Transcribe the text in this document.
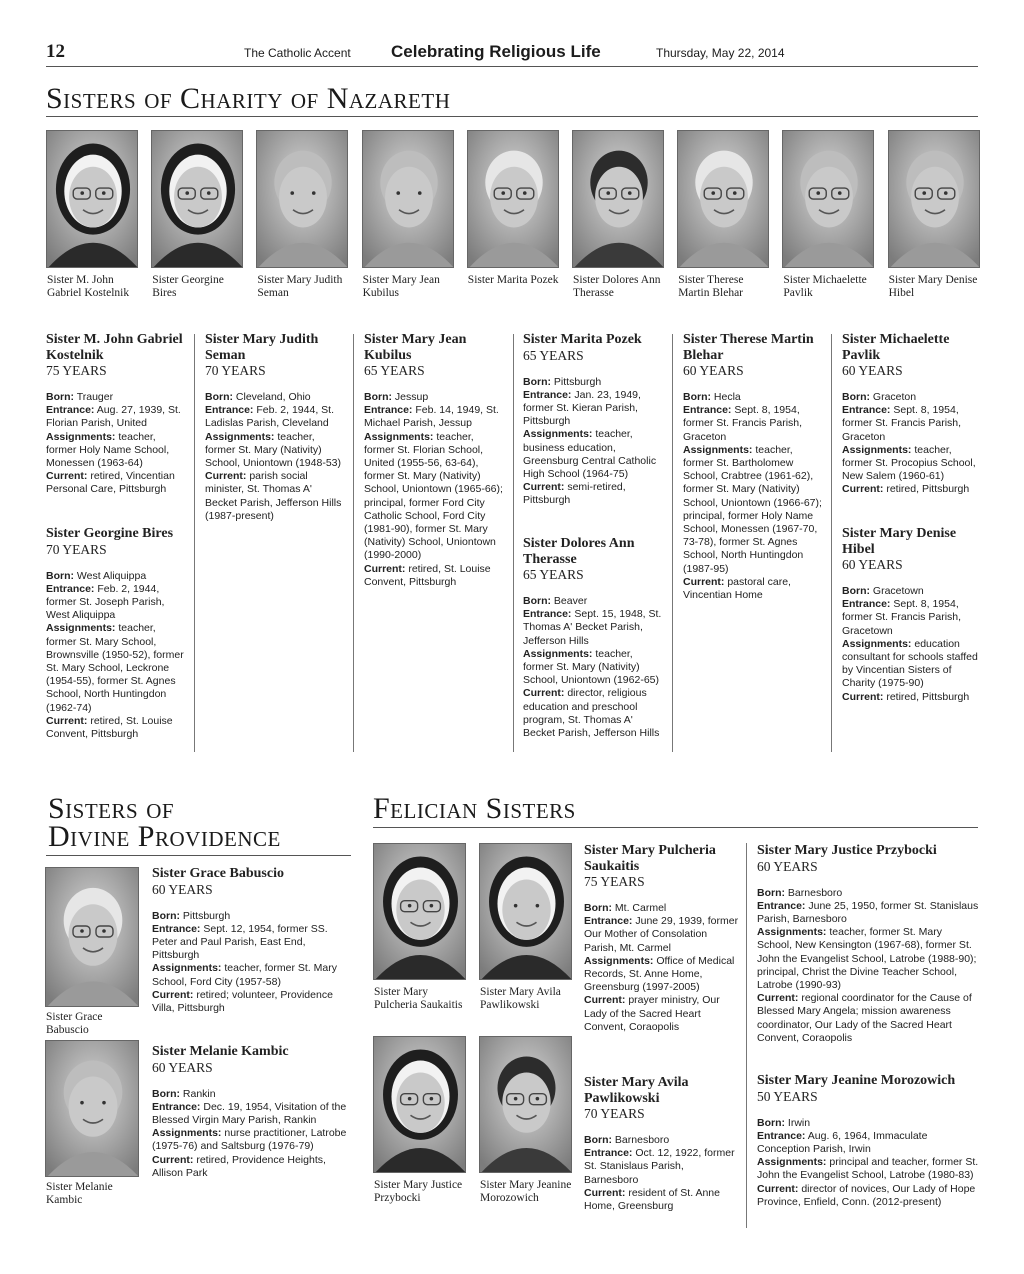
12	The Catholic Accent Celebrating Religious Life	Thursday, May 22, 2014
Sisters of Charity of Nazareth
Sister M. John Gabriel Kostelnik
Sister Georgine Bires
Sister Mary Judith Seman
Sister Mary Jean Kubilus
Sister Marita Pozek Sister Dolores Ann Therasse
Sister Therese Martin Blehar
Sister Michaelette Pavlik
Sister Mary Denise Hibel
Sister M. John Gabriel Kostelnik
75 YEARS

Born: Trauger

Entrance: Aug. 27, 1939, St. Florian Parish, United

Assignments: teacher, former Holy Name School, Monessen (1963-64)

Current: retired, Vincentian Personal Care, Pittsburgh

Sister Georgine Bires
70 YEARS

Born: West Aliquippa

Entrance: Feb. 2, 1944, former St. Joseph Parish, West Aliquippa

Assignments: teacher, former St. Mary School, Brownsville (1950-52), former St. Mary School, Leckrone (1954-55), former St. Agnes School, North Huntingdon (1962-74)

Current: retired, St. Louise Convent, Pittsburgh

Sister Mary Judith Seman
70 YEARS

Born: Cleveland, Ohio

Entrance: Feb. 2, 1944, St. Ladislas Parish, Cleveland

Assignments: teacher, former St. Mary (Nativity) School, Uniontown (1948-53)

Current: parish social minister, St. Thomas A' Becket Parish, Jefferson Hills (1987-present)

Sister Mary Jean Kubilus
65 YEARS

Born: Jessup

Entrance: Feb. 14, 1949, St. Michael Parish, Jessup

Assignments: teacher, former St. Florian School, United (1955-56, 63-64), former St. Mary (Nativity) School, Uniontown (1965-66); principal, former Ford City Catholic School, Ford City (1981-90), former St. Mary (Nativity) School, Uniontown (1990-2000)

Current: retired, St. Louise Convent, Pittsburgh

Sister Marita Pozek
65 YEARS

Born: Pittsburgh

Entrance: Jan. 23, 1949, former St. Kieran Parish, Pittsburgh

Assignments: teacher, business education, Greensburg Central Catholic High School (1964-75)

Current: semi-retired, Pittsburgh

Sister Dolores Ann Therasse
65 YEARS

Born: Beaver

Entrance: Sept. 15, 1948, St. Thomas A' Becket Parish, Jefferson Hills

Assignments: teacher, former St. Mary (Nativity) School, Uniontown (1962-65)

Current: director, religious education and preschool program, St. Thomas A' Becket Parish, Jefferson Hills

Sister Therese Martin Blehar
60 YEARS

Born: Hecla

Entrance: Sept. 8, 1954, former St. Francis Parish, Graceton

Assignments: teacher, former St. Bartholomew School, Crabtree (1961-62), former St. Mary (Nativity) School, Uniontown (1966-67); principal, former Holy Name School, Monessen (1967-70, 73-78), former St. Agnes School, North Huntingdon (1987-95)

Current: pastoral care, Vincentian Home

Sister Michaelette Pavlik
60 YEARS

Born: Graceton

Entrance: Sept. 8, 1954, former St. Francis Parish, Graceton

Assignments: teacher, former St. Procopius School, New Salem (1960-61)

Current: retired, Pittsburgh

Sister Mary Denise Hibel
60 YEARS

Born: Gracetown

Entrance: Sept. 8, 1954, former St. Francis Parish, Gracetown

Assignments: education consultant for schools staffed by Vincentian Sisters of Charity (1975-90)

Current: retired, Pittsburgh

Sisters of
Divine Providence
Sister Grace Babuscio
Sister Melanie Kambic
Sister Grace Babuscio
60 YEARS

Born: Pittsburgh

Entrance: Sept. 12, 1954, former SS. Peter and Paul Parish, East End, Pittsburgh

Assignments: teacher, former St. Mary School, Ford City (1957-58)

Current: retired; volunteer, Providence Villa, Pittsburgh

Sister Melanie Kambic
60 YEARS

Born: Rankin

Entrance: Dec. 19, 1954, Visitation of the Blessed Virgin Mary Parish, Rankin

Assignments: nurse practitioner, Latrobe (1975-76) and Saltsburg (1976-79)

Current: retired, Providence Heights, Allison Park

Felician Sisters
Sister Mary Pulcheria Saukaitis
Sister Mary Avila Pawlikowski
Sister Mary Justice Przybocki
Sister Mary Jeanine Morozowich
Sister Mary Pulcheria Saukaitis
75 YEARS

Born: Mt. Carmel

Entrance: June 29, 1939, former Our Mother of Consolation Parish, Mt. Carmel

Assignments: Office of Medical Records, St. Anne Home, Greensburg (1997-2005)

Current: prayer ministry, Our Lady of the Sacred Heart Convent, Coraopolis

Sister Mary Avila Pawlikowski
70 YEARS

Born: Barnesboro

Entrance: Oct. 12, 1922, former St. Stanislaus Parish, Barnesboro

Current: resident of St. Anne Home, Greensburg

Sister Mary Justice Przybocki
60 YEARS

Born: Barnesboro

Entrance: June 25, 1950, former St. Stanislaus Parish, Barnesboro

Assignments: teacher, former St. Mary School, New Kensington (1967-68), former St. John the Evangelist School, Latrobe (1988-90); principal, Christ the Divine Teacher School, Latrobe (1990-93)

Current: regional coordinator for the Cause of Blessed Mary Angela; mission awareness coordinator, Our Lady of the Sacred Heart Convent, Coraopolis

Sister Mary Jeanine Morozowich
50 YEARS

Born: Irwin

Entrance: Aug. 6, 1964, Immaculate Conception Parish, Irwin

Assignments: principal and teacher, former St. John the Evangelist School, Latrobe (1980-83)

Current: director of novices, Our Lady of Hope Province, Enfield, Conn. (2012-present)
